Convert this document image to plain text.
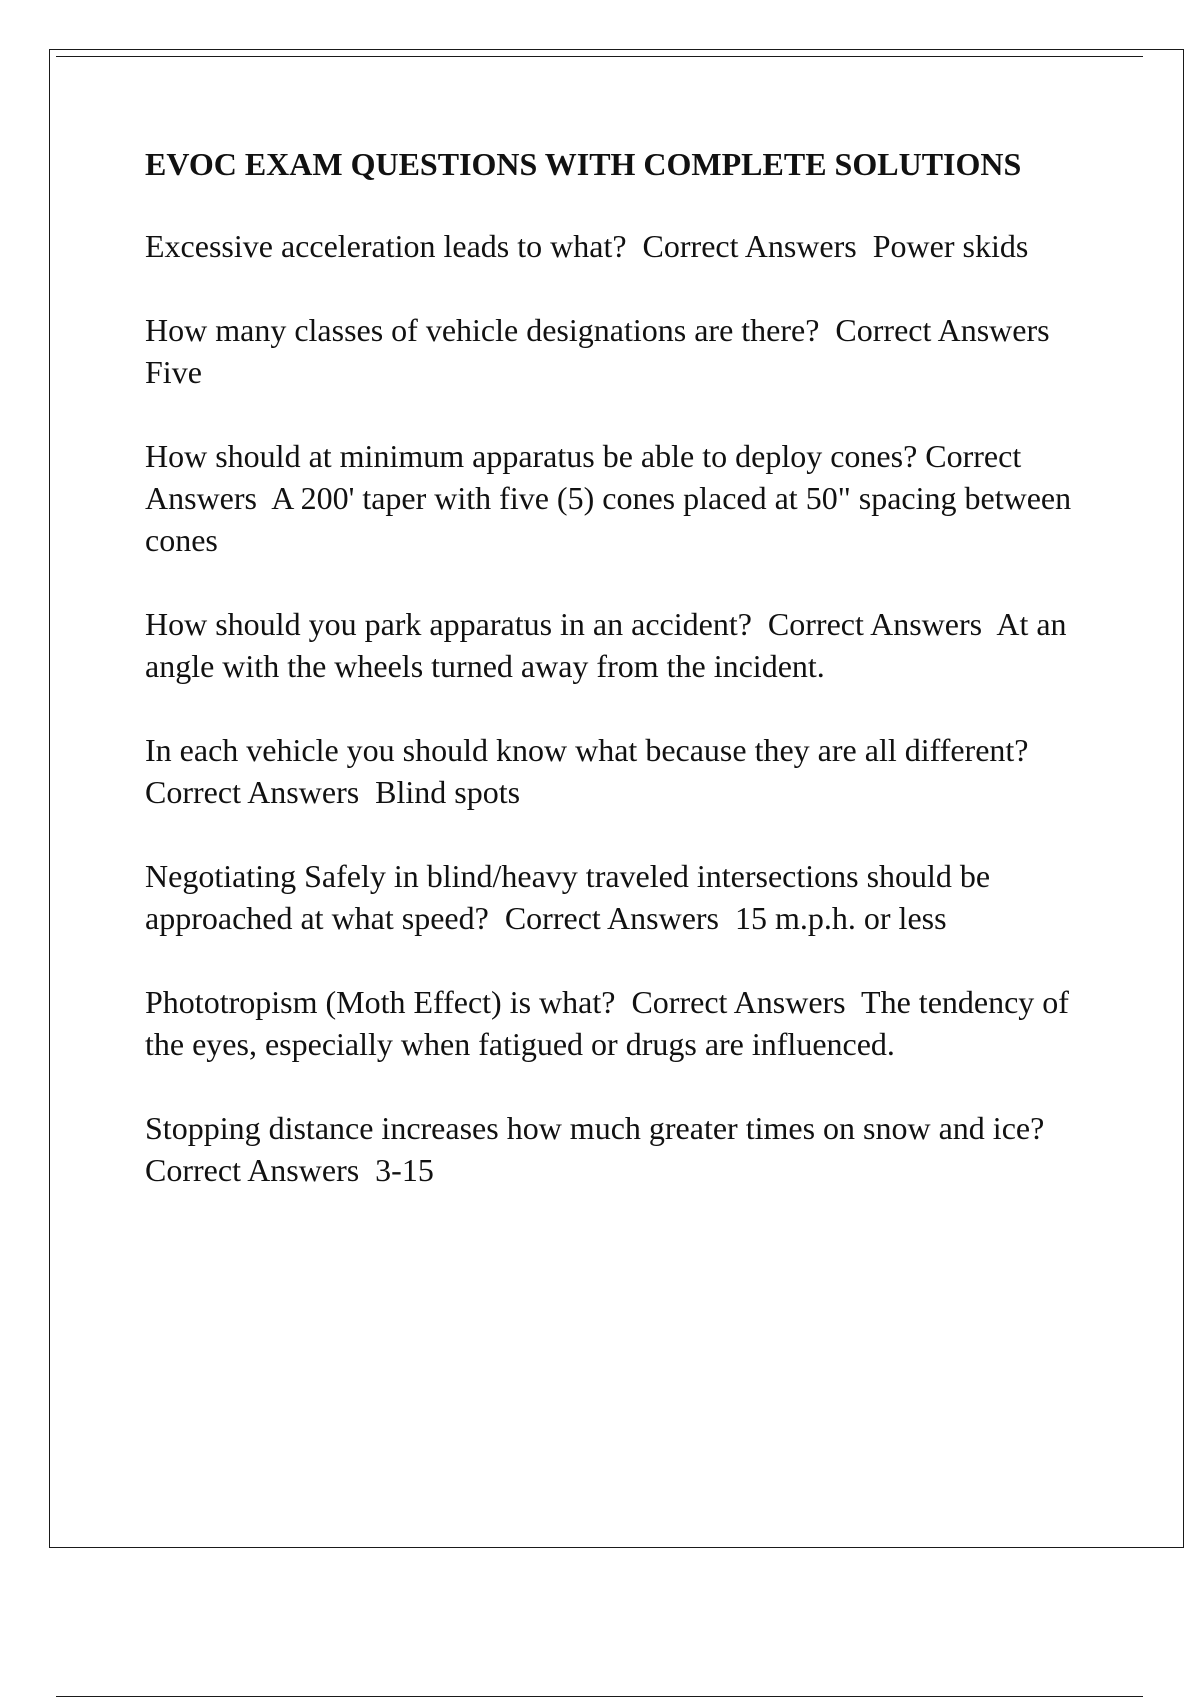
EVOC EXAM QUESTIONS WITH COMPLETE SOLUTIONS

Excessive acceleration leads to what? Correct Answers Power skids

How many classes of vehicle designations are there? Correct Answers  Five

How should at minimum apparatus be able to deploy cones? Correct Answers A 200' taper with five (5) cones placed at 50" spacing between cones

How should you park apparatus in an accident? Correct Answers At an angle with the wheels turned away from the incident.

In each vehicle you should know what because they are all different?  Correct Answers Blind spots

Negotiating Safely in blind/heavy traveled intersections should be approached at what speed? Correct Answers 15 m.p.h. or less

Phototropism (Moth Effect) is what? Correct Answers The tendency of the eyes, especially when fatigued or drugs are influenced.

Stopping distance increases how much greater times on snow and ice?  Correct Answers 3-15
